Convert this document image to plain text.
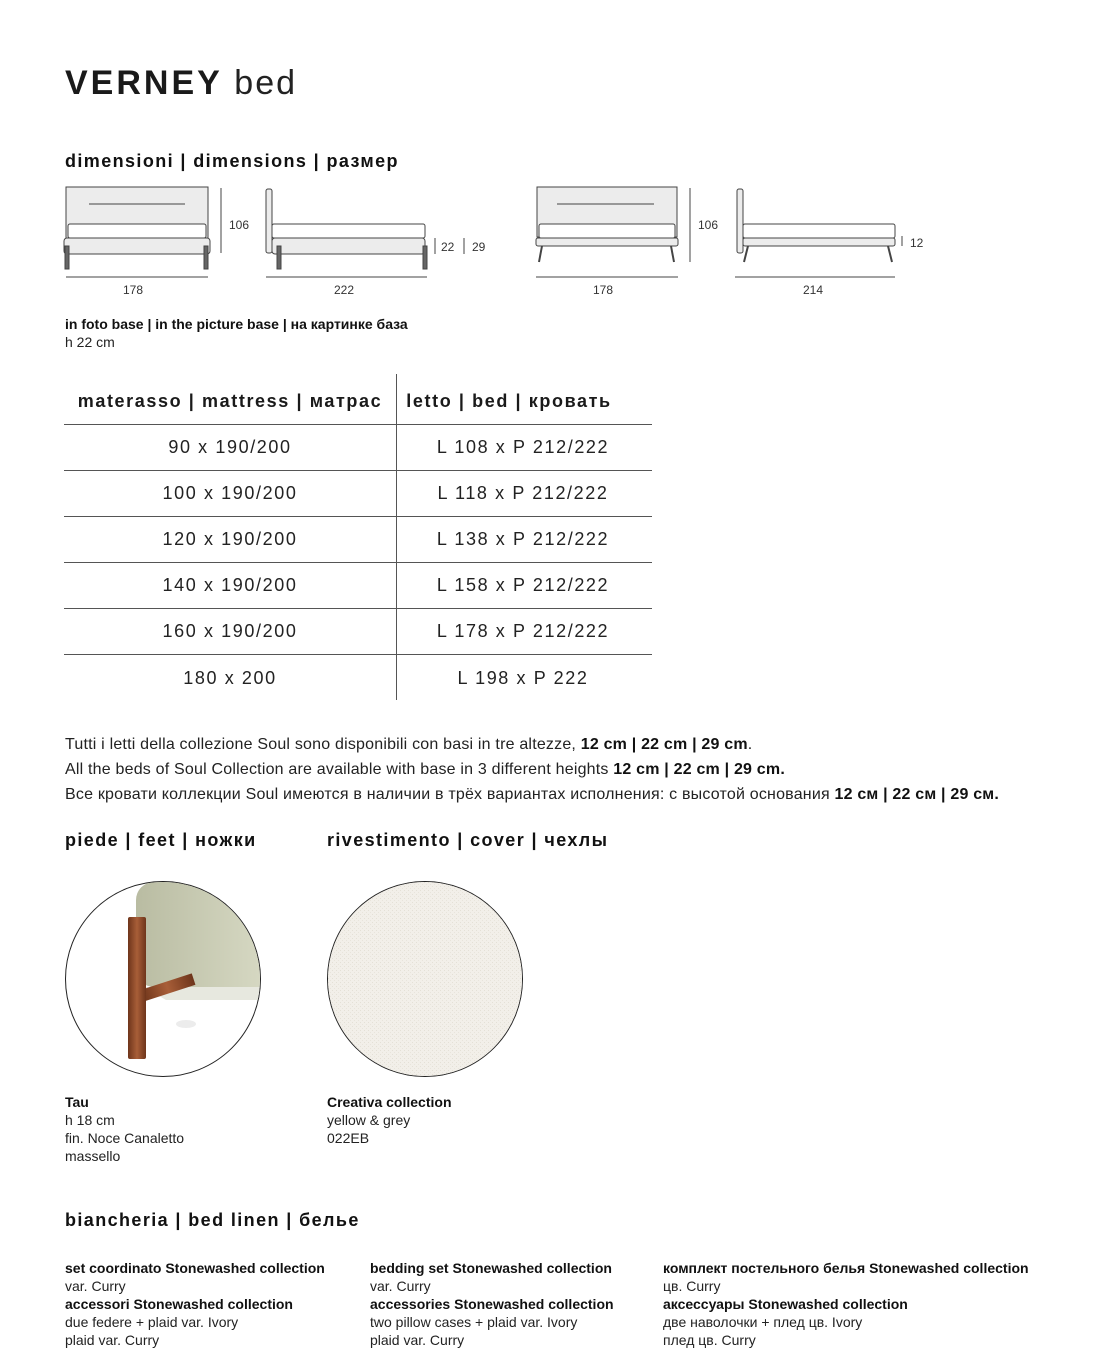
VERNEY bed
dimensioni | dimensions | размер
178
106
222
22 29
178
106
214
12
in foto base | in the picture base | на картинке база
h 22 cm
materasso | mattress | матрас	letto | bed | кровать
90 x 190/200	L 108 x P 212/222
100 x 190/200	L 118 x P 212/222
120 x 190/200	L 138 x P 212/222
140 x 190/200	L 158 x P 212/222
160 x 190/200	L 178 x P 212/222
180 x 200	L 198 x P 222
Tutti i letti della collezione Soul sono disponibili con basi in tre altezze, 12 cm | 22 cm | 29 cm.
All the beds of Soul Collection are available with base in 3 different heights 12 cm | 22 cm | 29 cm.
Все кровати коллекции Soul имеются в наличии в трёх вариантах исполнения: с высотой основания 12 см | 22 см | 29 см.
piede | feet | ножки	rivestimento | cover | чехлы
Tau
h 18 cm
fin. Noce Canaletto
massello
Creativa collection
yellow & grey
022EB
biancheria | bed linen | белье
set coordinato Stonewashed collection
var. Curry
accessori Stonewashed collection
due federe + plaid var. Ivory
plaid var. Curry
bedding set Stonewashed collection
var. Curry
accessories Stonewashed collection
two pillow cases + plaid var. Ivory
plaid var. Curry
комплект постельного белья Stonewashed collection
цв. Curry
аксессуары Stonewashed collection
две наволочки + плед цв. Ivory
плед цв. Curry
